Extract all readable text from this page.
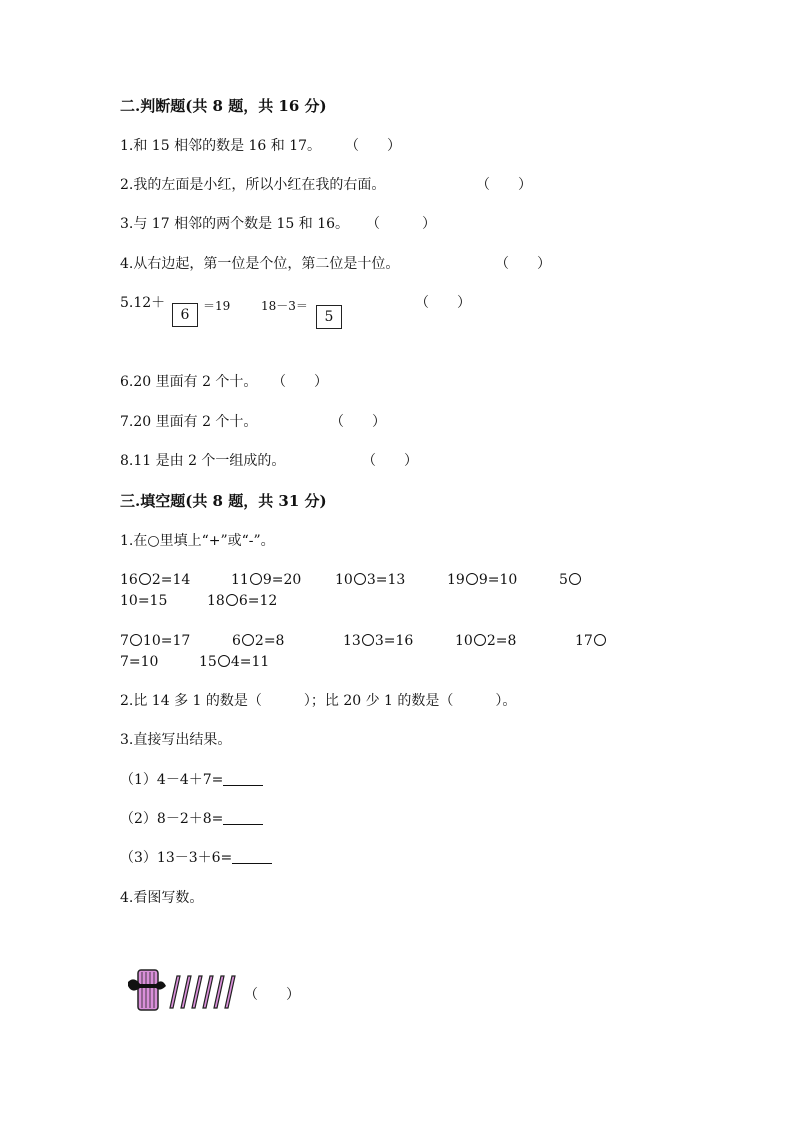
二.判断题(共 8 题，共 16 分)
1.和 15 相邻的数是 16 和 17。 （　　）
2.我的左面是小红，所以小红在我的右面。	（　　）
3.与 17 相邻的两个数是 15 和 16。 （　　　）
4.从右边起，第一位是个位，第二位是十位。	（　　）
5.12＋
6
＝19	18－3＝
5
（　　）
6.20 里面有 2 个十。 （　　）
7.20 里面有 2 个十。	（　　）
8.11 是由 2 个一组成的。	（　　）
三.填空题(共 8 题，共 31 分)
1.在○里填上“+”或“-”。
16 2=14	11 9=20 10 3=13	19 9=10	5
10=15	18 6=12
7 10=17	6 2=8	13 3=16	10 2=8	17
7=10	15 4=11
2.比 14 多 1 的数是（　　　）；比 20 少 1 的数是（　　　）。
3.直接写出结果。
（1）4－4＋7=
（2）8－2＋8=
（3）13－3＋6=
4.看图写数。
（　　）
